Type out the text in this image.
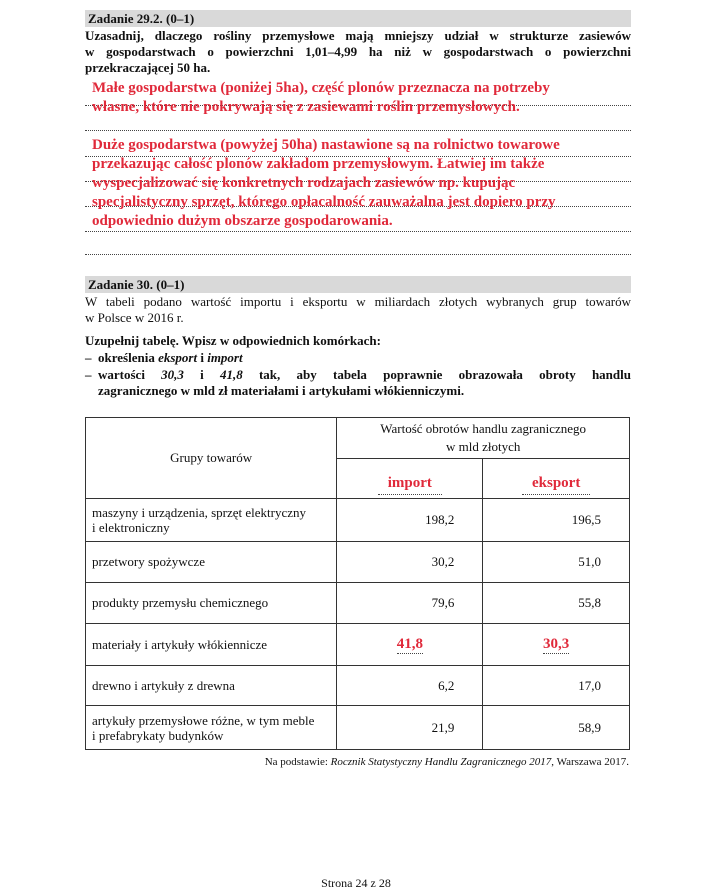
Zadanie 29.2. (0–1)
Uzasadnij, dlaczego rośliny przemysłowe mają mniejszy udział w strukturze zasiewów
w gospodarstwach o powierzchni 1,01–4,99 ha niż w gospodarstwach o powierzchni
przekraczającej 50 ha.
Małe gospodarstwa (poniżej 5ha), część plonów przeznacza na potrzeby
własne, które nie pokrywają się z zasiewami roślin przemysłowych.
Duże gospodarstwa (powyżej 50ha) nastawione są na rolnictwo towarowe
przekazując całość plonów zakładom przemysłowym. Łatwiej im także
wyspecjalizować się konkretnych rodzajach zasiewów np. kupując
specjalistyczny sprzęt, którego opłacalność zauważalna jest dopiero przy
odpowiednio dużym obszarze gospodarowania.
Zadanie 30. (0–1)
W tabeli podano wartość importu i eksportu w miliardach złotych wybranych grup towarów
w Polsce w 2016 r.
Uzupełnij tabelę. Wpisz w odpowiednich komórkach:
– określenia eksport i import
– wartości 30,3 i 41,8 tak, aby tabela poprawnie obrazowała obroty handlu
zagranicznego w mld zł materiałami i artykułami włókienniczymi.
Grupy towarów	Wartość obrotów handlu zagranicznego
w mld złotych	
	import	eksport
maszyny i urządzenia, sprzęt elektryczny
i elektroniczny	198,2	196,5
przetwory spożywcze	30,2	51,0
produkty przemysłu chemicznego	79,6	55,8
materiały i artykuły włókiennicze	41,8	30,3
drewno i artykuły z drewna	6,2	17,0
artykuły przemysłowe różne, w tym meble
i prefabrykaty budynków	21,9	58,9
Na podstawie: Rocznik Statystyczny Handlu Zagranicznego 2017, Warszawa 2017.
Strona 24 z 28
